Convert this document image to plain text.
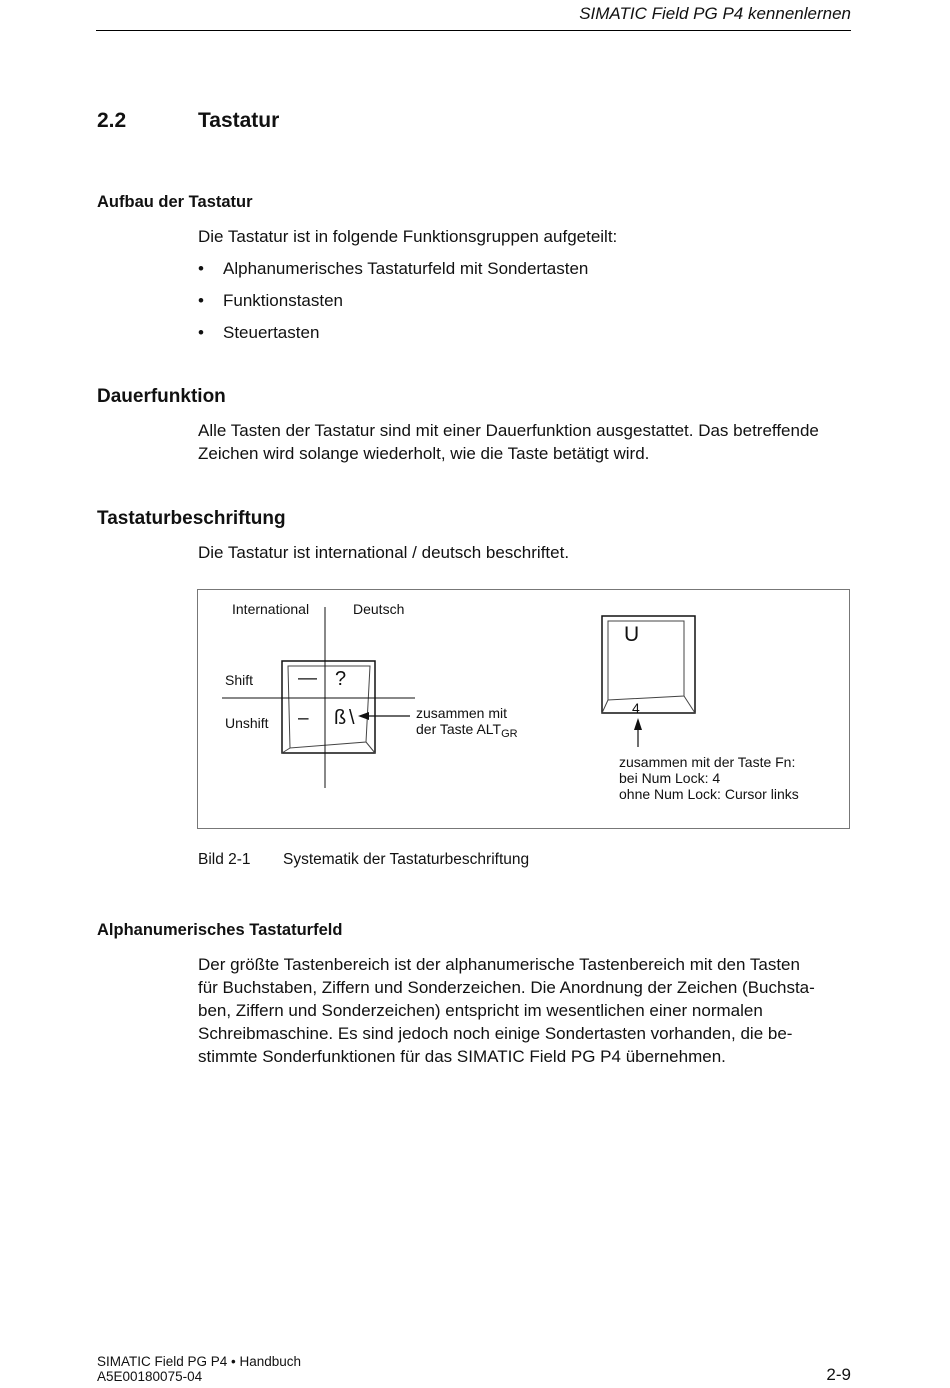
SIMATIC Field PG P4 kennenlernen
2.2	Tastatur
Aufbau der Tastatur
Die Tastatur ist in folgende Funktionsgruppen aufgeteilt:
• Alphanumerisches Tastaturfeld mit Sondertasten
• Funktionstasten
• Steuertasten
Dauerfunktion
Alle Tasten der Tastatur sind mit einer Dauerfunktion ausgestattet. Das betreffende
Zeichen wird solange wiederholt, wie die Taste betätigt wird.
Tastaturbeschriftung
Die Tastatur ist international / deutsch beschriftet.
International	Deutsch
Shift
Unshift
— ?
– ß \	zusammen mit
der Taste $ALT_{GR}$
U
4
zusammen mit der Taste Fn:
bei Num Lock: 4
ohne Num Lock: Cursor links
Bild 2-1 Systematik der Tastaturbeschriftung
Alphanumerisches Tastaturfeld
Der größte Tastenbereich ist der alphanumerische Tastenbereich mit den Tasten
für Buchstaben, Ziffern und Sonderzeichen. Die Anordnung der Zeichen (Buchsta-
ben, Ziffern und Sonderzeichen) entspricht im wesentlichen einer normalen
Schreibmaschine. Es sind jedoch noch einige Sondertasten vorhanden, die be-
stimmte Sonderfunktionen für das SIMATIC Field PG P4 übernehmen.
SIMATIC Field PG P4 • Handbuch
A5E00180075-04	2-9
